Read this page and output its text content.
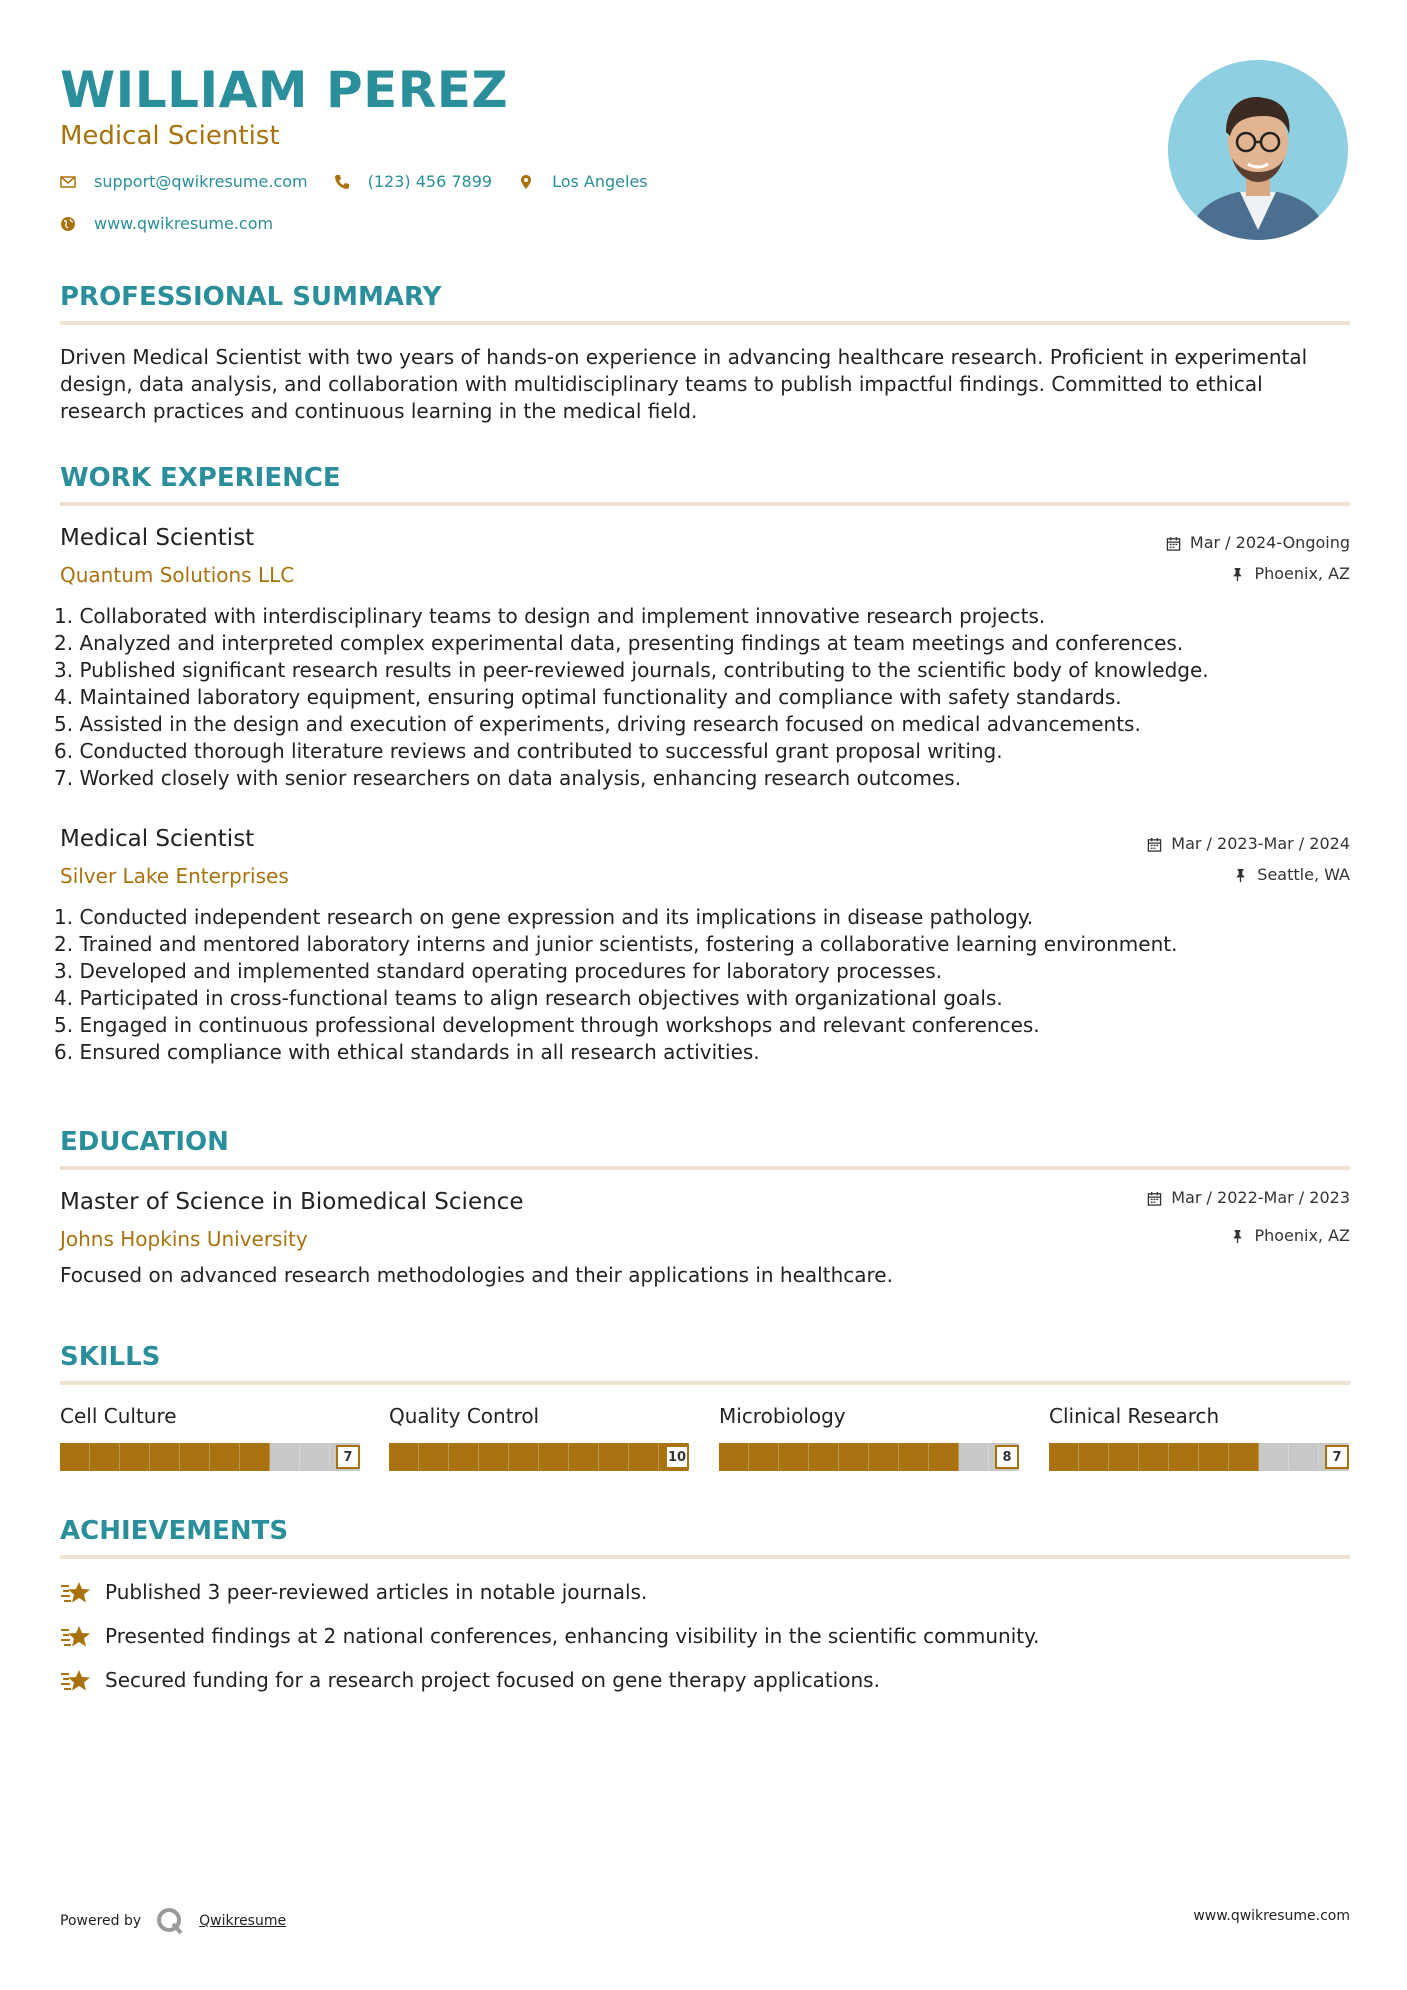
WILLIAM PEREZ
Medical Scientist
support@qwikresume.com	(123) 456 7899	Los Angeles
www.qwikresume.com
PROFESSIONAL SUMMARY

Driven Medical Scientist with two years of hands-on experience in advancing healthcare research. Proficient in experimental design, data analysis, and collaboration with multidisciplinary teams to publish impactful findings. Committed to ethical research practices and continuous learning in the medical field.

WORK EXPERIENCE
Medical Scientist
Quantum Solutions LLC
Mar / 2024-Ongoing
Phoenix, AZ
1. Collaborated with interdisciplinary teams to design and implement innovative research projects.
2. Analyzed and interpreted complex experimental data, presenting findings at team meetings and conferences.
3. Published significant research results in peer-reviewed journals, contributing to the scientific body of knowledge.
4. Maintained laboratory equipment, ensuring optimal functionality and compliance with safety standards.
5. Assisted in the design and execution of experiments, driving research focused on medical advancements.
6. Conducted thorough literature reviews and contributed to successful grant proposal writing.
7. Worked closely with senior researchers on data analysis, enhancing research outcomes.
Medical Scientist
Silver Lake Enterprises
Mar / 2023-Mar / 2024
Seattle, WA
1. Conducted independent research on gene expression and its implications in disease pathology.
2. Trained and mentored laboratory interns and junior scientists, fostering a collaborative learning environment.
3. Developed and implemented standard operating procedures for laboratory processes.
4. Participated in cross-functional teams to align research objectives with organizational goals.
5. Engaged in continuous professional development through workshops and relevant conferences.
6. Ensured compliance with ethical standards in all research activities.
EDUCATION
Master of Science in Biomedical Science
Johns Hopkins University
Mar / 2022-Mar / 2023
Phoenix, AZ

Focused on advanced research methodologies and their applications in healthcare.

SKILLS
Cell Culture
7
Quality Control
10
Microbiology
8
Clinical Research
7
ACHIEVEMENTS
Published 3 peer-reviewed articles in notable journals.
Presented findings at 2 national conferences, enhancing visibility in the scientific community.
Secured funding for a research project focused on gene therapy applications.
Powered by	Qwikresume	www.qwikresume.com
